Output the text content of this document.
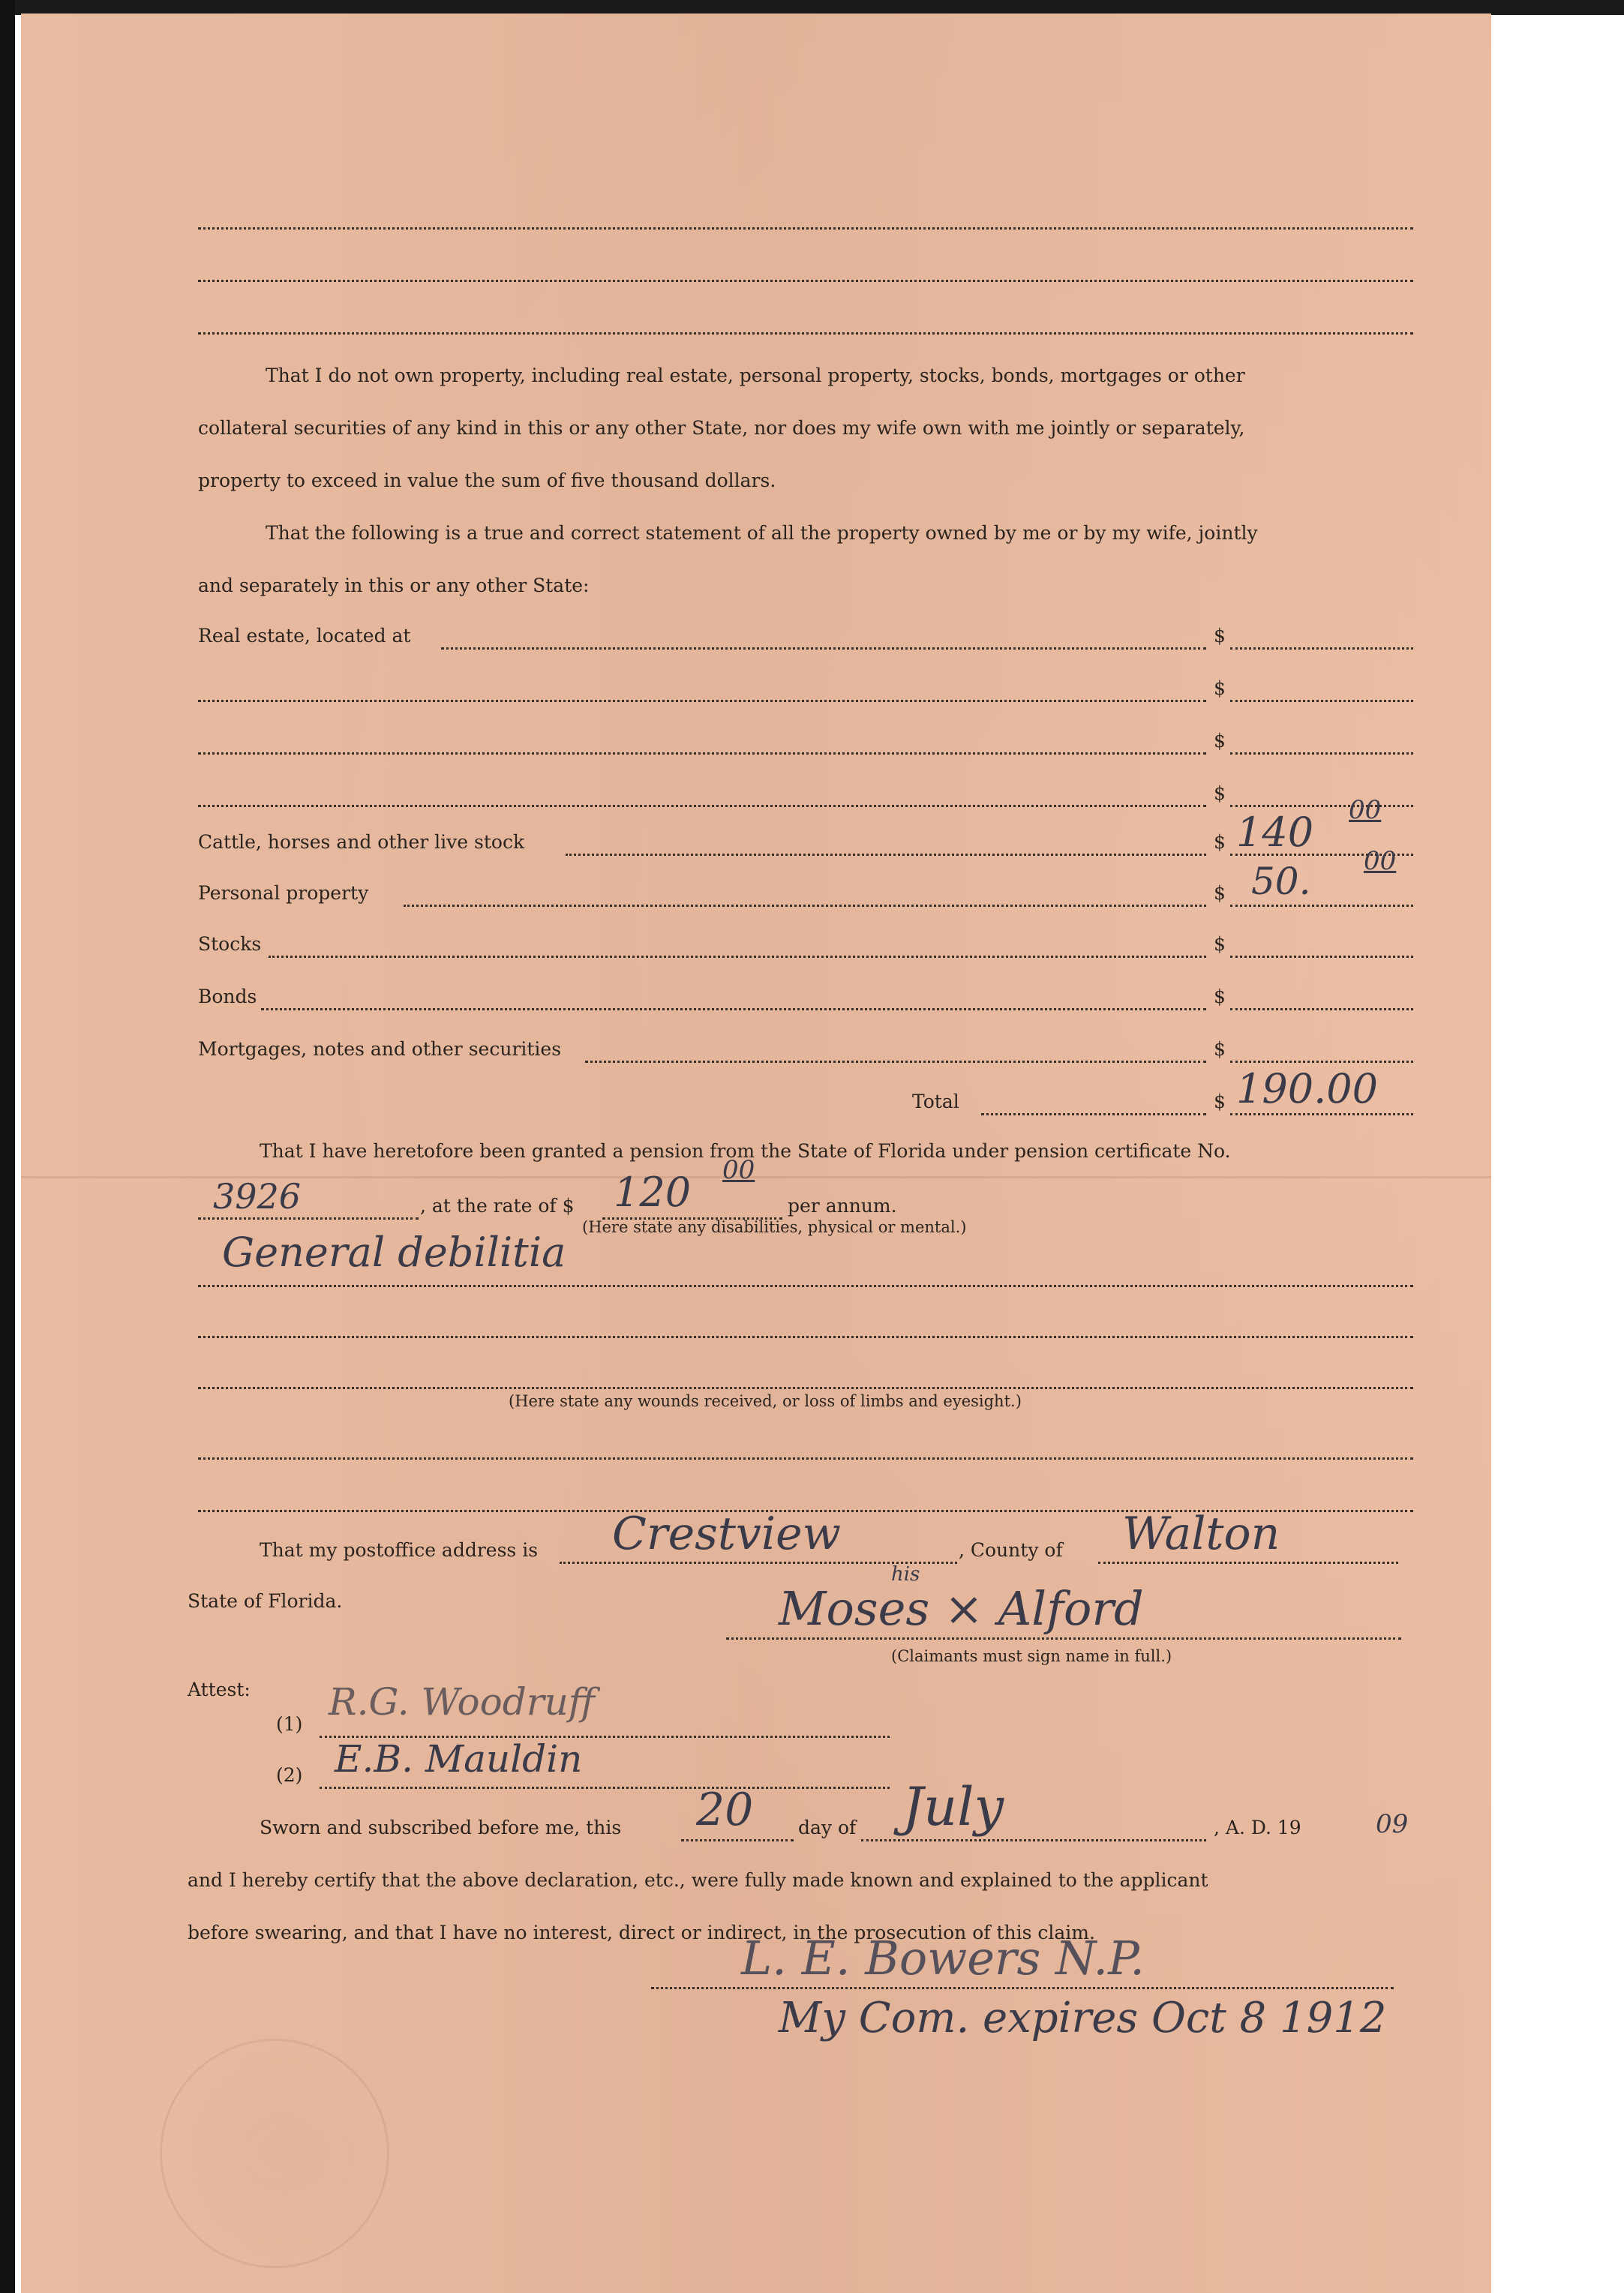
That I do not own property, including real estate, personal property, stocks, bonds, mortgages or other
collateral securities of any kind in this or any other State, nor does my wife own with me jointly or separately,
property to exceed in value the sum of five thousand dollars.
That the following is a true and correct statement of all the property owned by me or by my wife, jointly
and separately in this or any other State:
Real estate, located at	$
$
$
$
Cattle, horses and other live stock	$ 140 00
Personal property	$ 50. 00
Stocks	$
Bonds	$
Mortgages, notes and other securities	$
Total	$ 190.00
That I have heretofore been granted a pension from the State of Florida under pension certificate No.
3926	, at the rate of $ 120 00
per annum.
(Here state any disabilities, physical or mental.)
General debilitia
(Here state any wounds received, or loss of limbs and eyesight.)
That my postoffice address is Crestview	, County of Walton
State of Florida.
his
Moses × Alford
(Claimants must sign name in full.)
Attest:
(1)
R.G. Woodruff
(2) E.B. Mauldin
Sworn and subscribed before me, this 20 day of July	, A. D. 19	09
and I hereby certify that the above declaration, etc., were fully made known and explained to the applicant
before swearing, and that I have no interest, direct or indirect, in the prosecution of this claim.
L. E. Bowers N.P.
My Com. expires Oct 8 1912
